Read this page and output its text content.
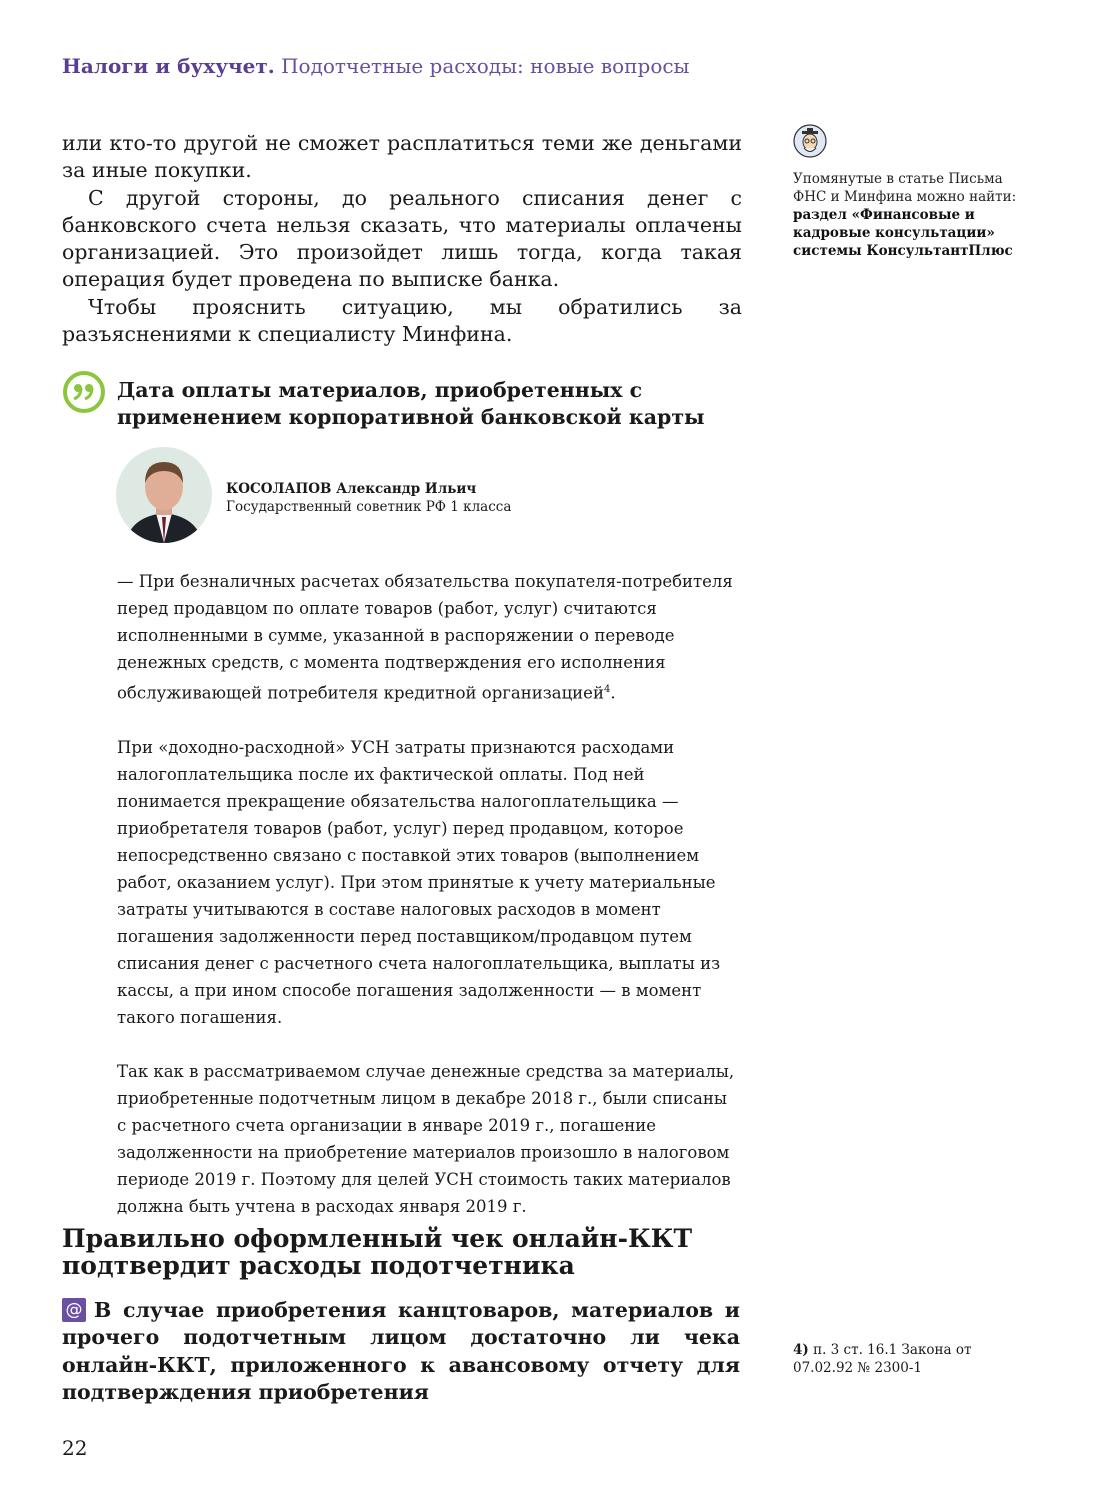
Налоги и бухучет. Подотчетные расходы: новые вопросы

или кто-то другой не сможет расплатиться теми же деньгами за иные покупки.

С другой стороны, до реального списания денег с банковского счета нельзя сказать, что материалы оплачены организацией. Это произойдет лишь тогда, когда такая операция будет проведена по выписке банка.

Чтобы прояснить ситуацию, мы обратились за разъяснениями к специалисту Минфина.

Упомянутые в статье Письма ФНС и Минфина можно найти:
раздел «Финансовые и кадровые консультации» системы КонсультантПлюс
Дата оплаты материалов, приобретенных с применением корпоративной банковской карты
КОСОЛАПОВ Александр Ильич
Государственный советник РФ 1 класса

— При безналичных расчетах обязательства покупателя-потребителя перед продавцом по оплате товаров (работ, услуг) считаются исполненными в сумме, указанной в распоряжении о переводе денежных средств, с момента подтверждения его исполнения обслуживающей потребителя кредитной организацией$^4$.

При «доходно-расходной» УСН затраты признаются расходами налогоплательщика после их фактической оплаты. Под ней понимается прекращение обязательства налогоплательщика — приобретателя товаров (работ, услуг) перед продавцом, которое непосредственно связано с поставкой этих товаров (выполнением работ, оказанием услуг). При этом принятые к учету материальные затраты учитываются в составе налоговых расходов в момент погашения задолженности перед поставщиком/продавцом путем списания денег с расчетного счета налогоплательщика, выплаты из кассы, а при ином способе погашения задолженности — в момент такого погашения.

Так как в рассматриваемом случае денежные средства за материалы, приобретенные подотчетным лицом в декабре 2018 г., были списаны с расчетного счета организации в январе 2019 г., погашение задолженности на приобретение материалов произошло в налоговом периоде 2019 г. Поэтому для целей УСН стоимость таких материалов должна быть учтена в расходах января 2019 г.

Правильно оформленный чек онлайн-ККТ подтвердит расходы подотчетника
@ В случае приобретения канцтоваров, материалов и прочего подотчетным лицом достаточно ли чека онлайн-ККТ, приложенного к авансовому отчету для подтверждения приобретения
4) п. 3 ст. 16.1 Закона от 07.02.92 № 2300-1
22
